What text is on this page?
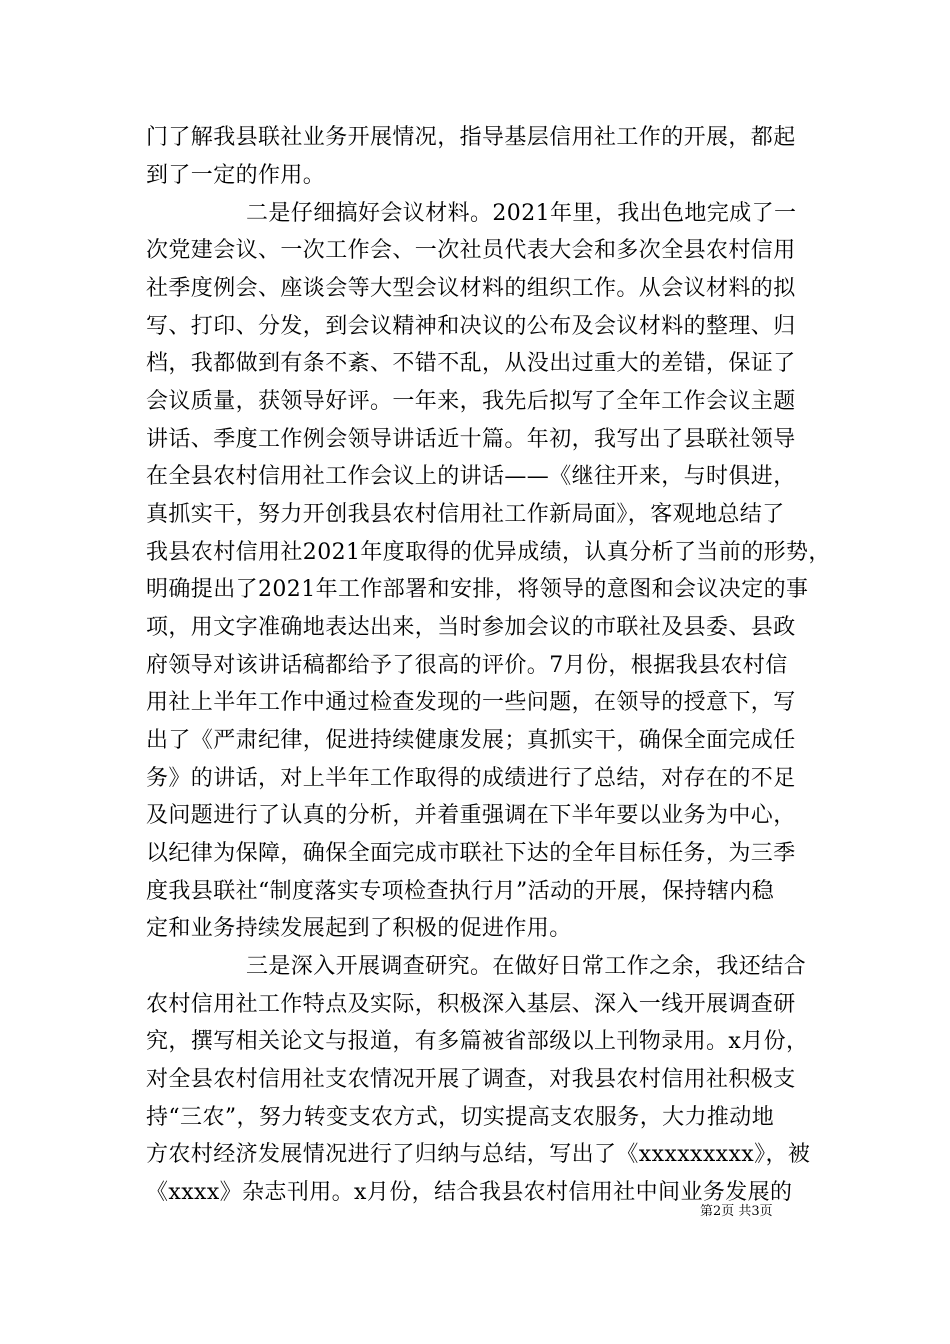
门了解我县联社业务开展情况，指导基层信用社工作的开展，都起
到了一定的作用。
二是仔细搞好会议材料。2021年里，我出色地完成了一
次党建会议、一次工作会、一次社员代表大会和多次全县农村信用
社季度例会、座谈会等大型会议材料的组织工作。从会议材料的拟
写、打印、分发，到会议精神和决议的公布及会议材料的整理、归
档，我都做到有条不紊、不错不乱，从没出过重大的差错，保证了
会议质量，获领导好评。一年来，我先后拟写了全年工作会议主题
讲话、季度工作例会领导讲话近十篇。年初，我写出了县联社领导
在全县农村信用社工作会议上的讲话——《继往开来，与时俱进，
真抓实干，努力开创我县农村信用社工作新局面》，客观地总结了
我县农村信用社2021年度取得的优异成绩，认真分析了当前的形势，
明确提出了2021年工作部署和安排，将领导的意图和会议决定的事
项，用文字准确地表达出来，当时参加会议的市联社及县委、县政
府领导对该讲话稿都给予了很高的评价。7月份，根据我县农村信
用社上半年工作中通过检查发现的一些问题，在领导的授意下，写
出了《严肃纪律，促进持续健康发展；真抓实干，确保全面完成任
务》的讲话，对上半年工作取得的成绩进行了总结，对存在的不足
及问题进行了认真的分析，并着重强调在下半年要以业务为中心，
以纪律为保障，确保全面完成市联社下达的全年目标任务，为三季
度我县联社“制度落实专项检查执行月”活动的开展，保持辖内稳
定和业务持续发展起到了积极的促进作用。
三是深入开展调查研究。在做好日常工作之余，我还结合
农村信用社工作特点及实际，积极深入基层、深入一线开展调查研
究，撰写相关论文与报道，有多篇被省部级以上刊物录用。x月份，
对全县农村信用社支农情况开展了调查，对我县农村信用社积极支
持“三农”，努力转变支农方式，切实提高支农服务，大力推动地
方农村经济发展情况进行了归纳与总结，写出了《xxxxxxxxx》，被
《xxxx》杂志刊用。x月份，结合我县农村信用社中间业务发展的
第2页 共3页
